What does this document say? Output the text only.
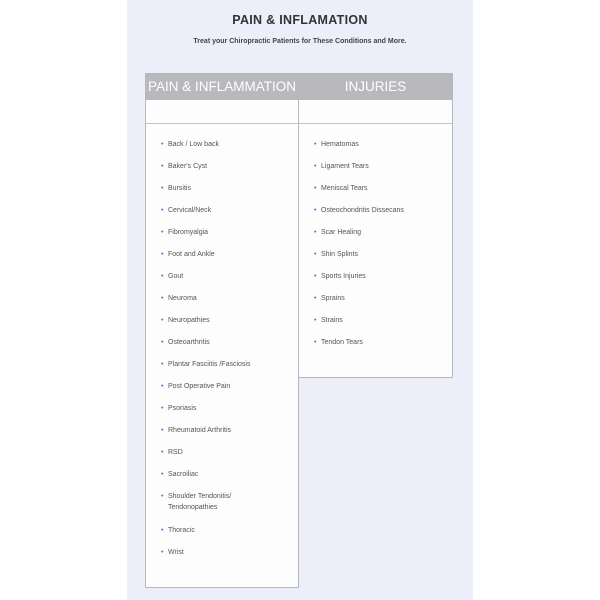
PAIN & INFLAMATION
Treat your Chiropractic Patients for These Conditions and More.
PAIN & INFLAMMATION
• Back / Low back
• Baker's Cyst
• Bursitis
• Cervical/Neck
• Fibromyalgia
• Foot and Ankle
• Gout
• Neuroma
• Neuropathies
• Osteoarthritis
• Plantar Fasciitis /Fasciosis
• Post Operative Pain
• Psoriasis
• Rheumatoid Arthritis
• RSD
• Sacroiliac
• Shoulder Tendonitis/ Tendonopathies
• Thoracic
• Wrist
INJURIES
• Hematomas
• Ligament Tears
• Meniscal Tears
• Osteochondritis Dissecans
• Scar Healing
• Shin Splints
• Sports Injuries
• Sprains
• Strains
• Tendon Tears
